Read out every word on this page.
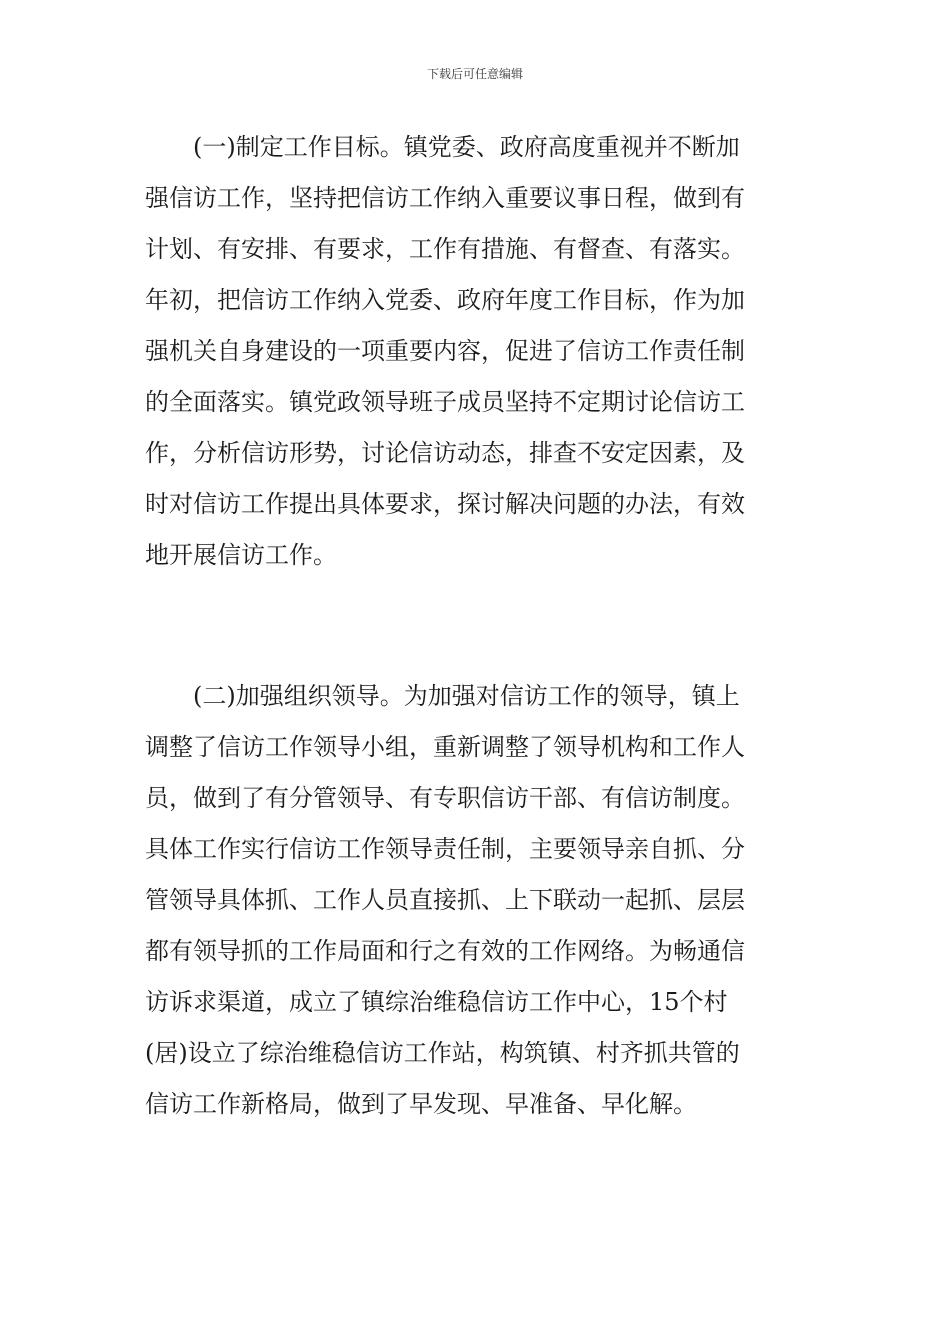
下载后可任意编辑
(一)制定工作目标。镇党委、政府高度重视并不断加
强信访工作，坚持把信访工作纳入重要议事日程，做到有
计划、有安排、有要求，工作有措施、有督查、有落实。
年初，把信访工作纳入党委、政府年度工作目标，作为加
强机关自身建设的一项重要内容，促进了信访工作责任制
的全面落实。镇党政领导班子成员坚持不定期讨论信访工
作，分析信访形势，讨论信访动态，排查不安定因素，及
时对信访工作提出具体要求，探讨解决问题的办法，有效
地开展信访工作。
(二)加强组织领导。为加强对信访工作的领导，镇上
调整了信访工作领导小组，重新调整了领导机构和工作人
员，做到了有分管领导、有专职信访干部、有信访制度。
具体工作实行信访工作领导责任制，主要领导亲自抓、分
管领导具体抓、工作人员直接抓、上下联动一起抓、层层
都有领导抓的工作局面和行之有效的工作网络。为畅通信
访诉求渠道，成立了镇综治维稳信访工作中心，15个村
(居)设立了综治维稳信访工作站，构筑镇、村齐抓共管的
信访工作新格局，做到了早发现、早准备、早化解。
